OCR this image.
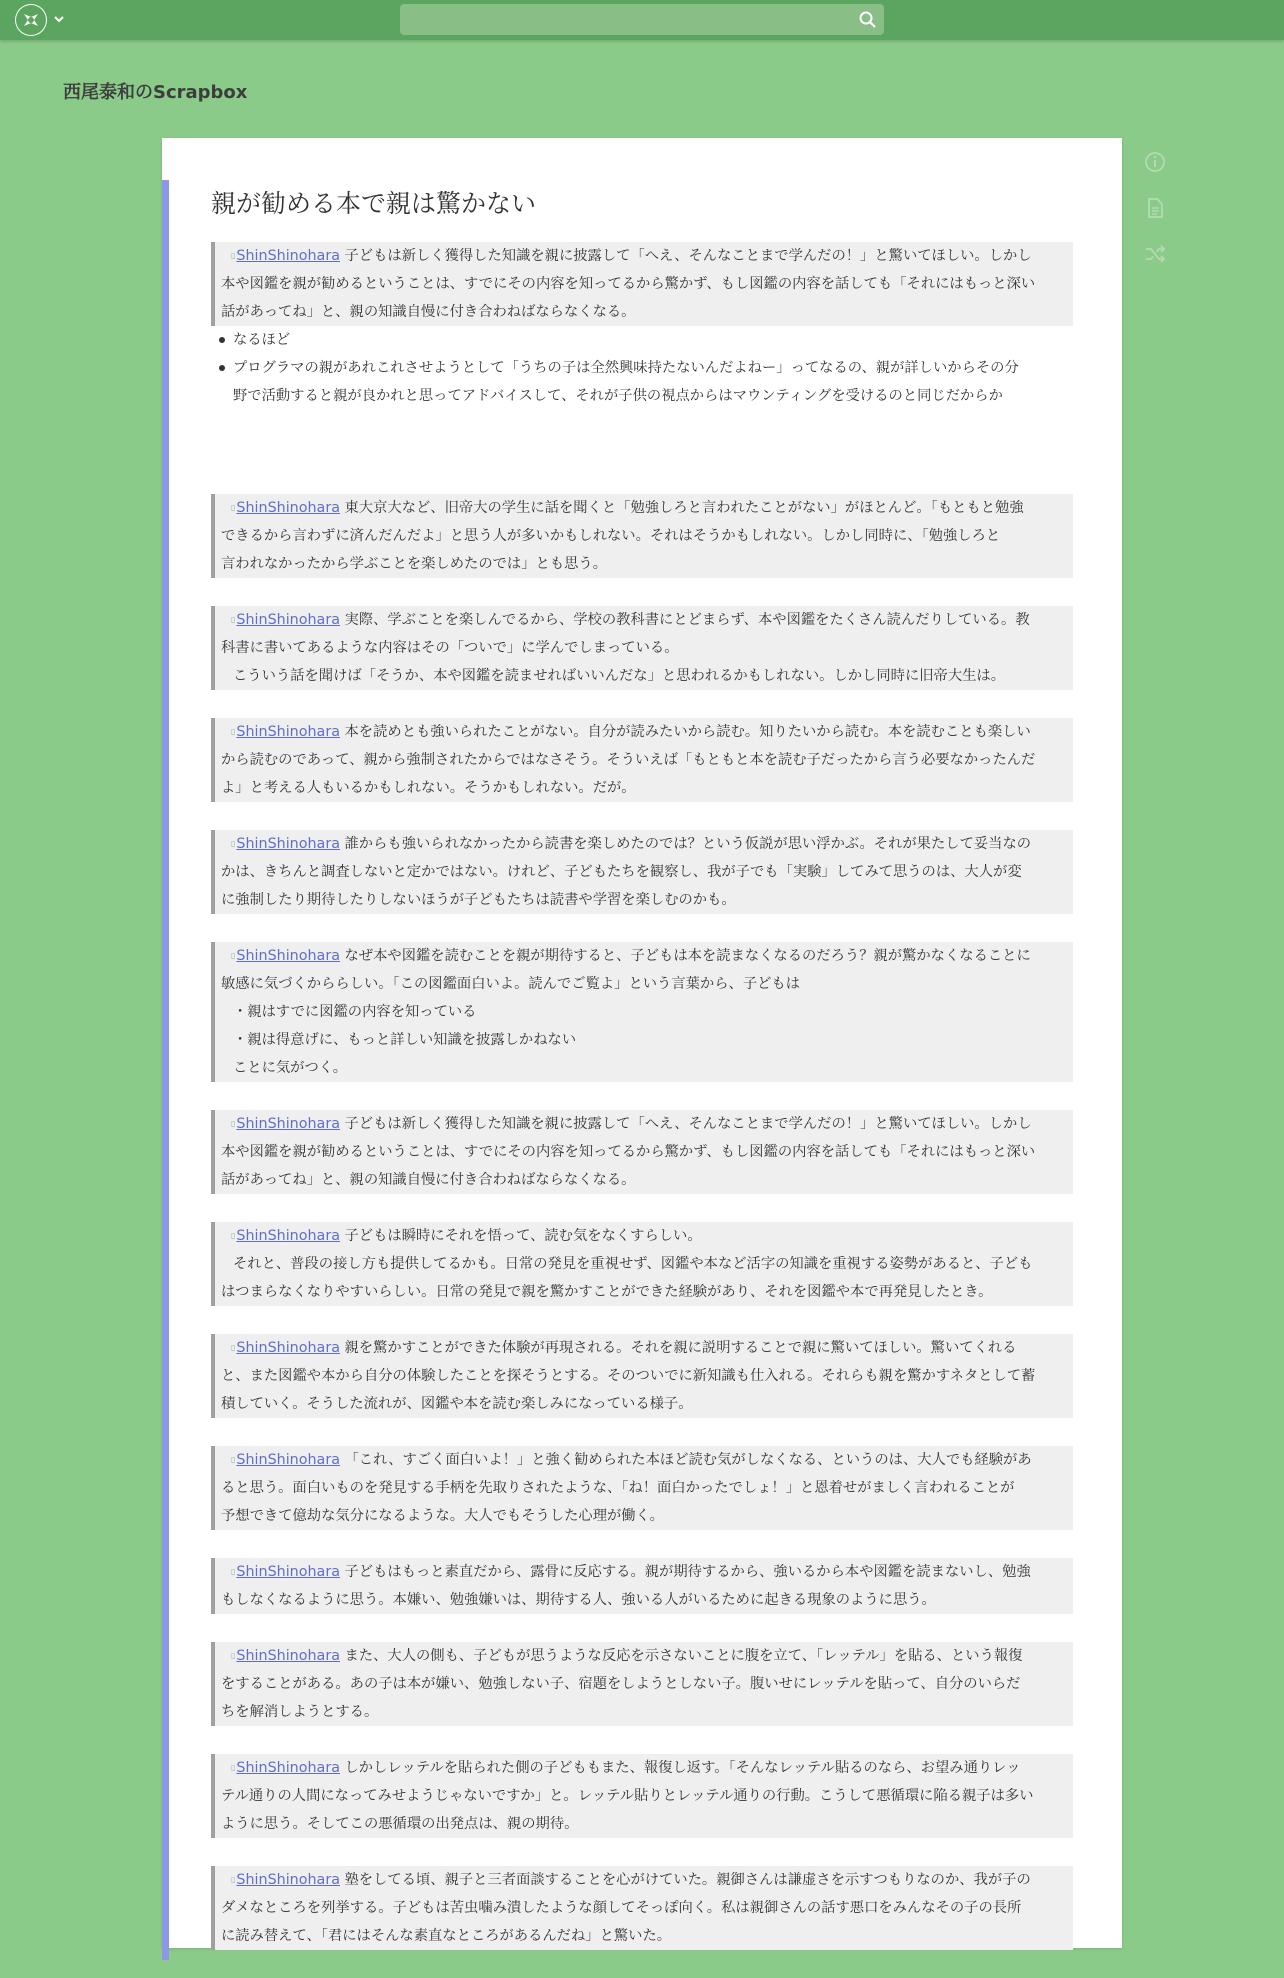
西尾泰和のScrapbox
親が勧める本で親は驚かない
▯ ShinShinohara 子どもは新しく獲得した知識を親に披露して「へえ、そんなことまで学んだの！」と驚いてほしい。しかし
本や図鑑を親が勧めるということは、すでにその内容を知ってるから驚かず、もし図鑑の内容を話しても「それにはもっと深い
話があってね」と、親の知識自慢に付き合わねばならなくなる。
なるほど
プログラマの親があれこれさせようとして「うちの子は全然興味持たないんだよねー」ってなるの、親が詳しいからその分
野で活動すると親が良かれと思ってアドバイスして、それが子供の視点からはマウンティングを受けるのと同じだからか
▯ ShinShinohara 東大京大など、旧帝大の学生に話を聞くと「勉強しろと言われたことがない」がほとんど。「もともと勉強
できるから言わずに済んだんだよ」と思う人が多いかもしれない。それはそうかもしれない。しかし同時に、「勉強しろと
言われなかったから学ぶことを楽しめたのでは」とも思う。
▯ ShinShinohara 実際、学ぶことを楽しんでるから、学校の教科書にとどまらず、本や図鑑をたくさん読んだりしている。教
科書に書いてあるような内容はその「ついで」に学んでしまっている。
こういう話を聞けば「そうか、本や図鑑を読ませればいいんだな」と思われるかもしれない。しかし同時に旧帝大生は。
▯ ShinShinohara 本を読めとも強いられたことがない。自分が読みたいから読む。知りたいから読む。本を読むことも楽しい
から読むのであって、親から強制されたからではなさそう。そういえば「もともと本を読む子だったから言う必要なかったんだ
よ」と考える人もいるかもしれない。そうかもしれない。だが。
▯ ShinShinohara 誰からも強いられなかったから読書を楽しめたのでは？という仮説が思い浮かぶ。それが果たして妥当なの
かは、きちんと調査しないと定かではない。けれど、子どもたちを観察し、我が子でも「実験」してみて思うのは、大人が変
に強制したり期待したりしないほうが子どもたちは読書や学習を楽しむのかも。
▯ ShinShinohara なぜ本や図鑑を読むことを親が期待すると、子どもは本を読まなくなるのだろう？親が驚かなくなることに
敏感に気づくかららしい。「この図鑑面白いよ。読んでご覧よ」という言葉から、子どもは
・親はすでに図鑑の内容を知っている
・親は得意げに、もっと詳しい知識を披露しかねない
ことに気がつく。
▯ ShinShinohara 子どもは新しく獲得した知識を親に披露して「へえ、そんなことまで学んだの！」と驚いてほしい。しかし
本や図鑑を親が勧めるということは、すでにその内容を知ってるから驚かず、もし図鑑の内容を話しても「それにはもっと深い
話があってね」と、親の知識自慢に付き合わねばならなくなる。
▯ ShinShinohara 子どもは瞬時にそれを悟って、読む気をなくすらしい。
それと、普段の接し方も提供してるかも。日常の発見を重視せず、図鑑や本など活字の知識を重視する姿勢があると、子ども
はつまらなくなりやすいらしい。日常の発見で親を驚かすことができた経験があり、それを図鑑や本で再発見したとき。
▯ ShinShinohara 親を驚かすことができた体験が再現される。それを親に説明することで親に驚いてほしい。驚いてくれる
と、また図鑑や本から自分の体験したことを探そうとする。そのついでに新知識も仕入れる。それらも親を驚かすネタとして蓄
積していく。そうした流れが、図鑑や本を読む楽しみになっている様子。
▯ ShinShinohara 「これ、すごく面白いよ！」と強く勧められた本ほど読む気がしなくなる、というのは、大人でも経験があ
ると思う。面白いものを発見する手柄を先取りされたような、「ね！面白かったでしょ！」と恩着せがましく言われることが
予想できて億劫な気分になるような。大人でもそうした心理が働く。
▯ ShinShinohara 子どもはもっと素直だから、露骨に反応する。親が期待するから、強いるから本や図鑑を読まないし、勉強
もしなくなるように思う。本嫌い、勉強嫌いは、期待する人、強いる人がいるために起きる現象のように思う。
▯ ShinShinohara また、大人の側も、子どもが思うような反応を示さないことに腹を立て、「レッテル」を貼る、という報復
をすることがある。あの子は本が嫌い、勉強しない子、宿題をしようとしない子。腹いせにレッテルを貼って、自分のいらだ
ちを解消しようとする。
▯ ShinShinohara しかしレッテルを貼られた側の子どももまた、報復し返す。「そんなレッテル貼るのなら、お望み通りレッ
テル通りの人間になってみせようじゃないですか」と。レッテル貼りとレッテル通りの行動。こうして悪循環に陥る親子は多い
ように思う。そしてこの悪循環の出発点は、親の期待。
▯ ShinShinohara 塾をしてる頃、親子と三者面談することを心がけていた。親御さんは謙虚さを示すつもりなのか、我が子の
ダメなところを列挙する。子どもは苦虫噛み潰したような顔してそっぽ向く。私は親御さんの話す悪口をみんなその子の長所
に読み替えて、「君にはそんな素直なところがあるんだね」と驚いた。
